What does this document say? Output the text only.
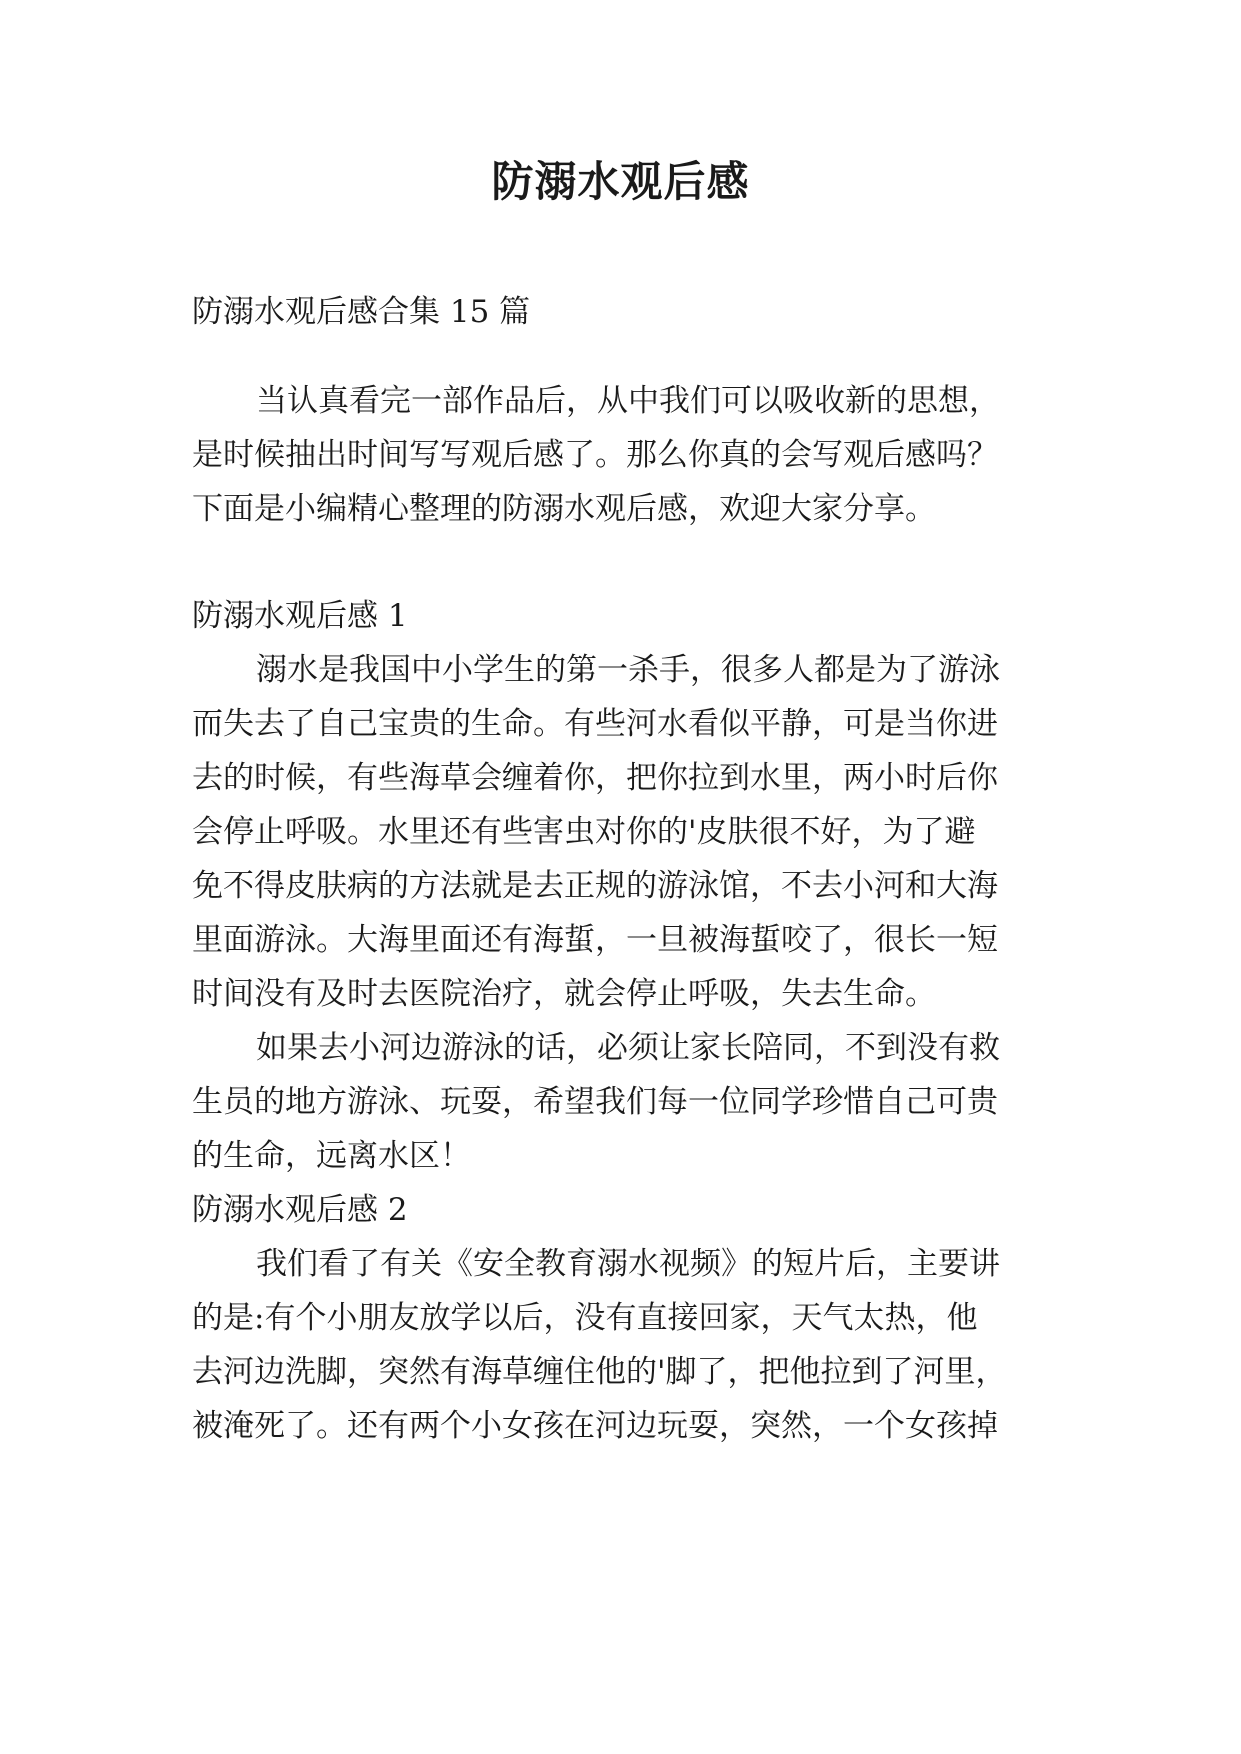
防溺水观后感
防溺水观后感合集 15 篇
当认真看完一部作品后，从中我们可以吸收新的思想，
是时候抽出时间写写观后感了。那么你真的会写观后感吗？
下面是小编精心整理的防溺水观后感，欢迎大家分享。
防溺水观后感 1
溺水是我国中小学生的第一杀手，很多人都是为了游泳
而失去了自己宝贵的生命。有些河水看似平静，可是当你进
去的时候，有些海草会缠着你，把你拉到水里，两小时后你
会停止呼吸。水里还有些害虫对你的'皮肤很不好，为了避
免不得皮肤病的方法就是去正规的游泳馆，不去小河和大海
里面游泳。大海里面还有海蜇，一旦被海蜇咬了，很长一短
时间没有及时去医院治疗，就会停止呼吸，失去生命。
如果去小河边游泳的话，必须让家长陪同，不到没有救
生员的地方游泳、玩耍，希望我们每一位同学珍惜自己可贵
的生命，远离水区！
防溺水观后感 2
我们看了有关《安全教育溺水视频》的短片后，主要讲
的是:有个小朋友放学以后，没有直接回家，天气太热，他
去河边洗脚，突然有海草缠住他的'脚了，把他拉到了河里，
被淹死了。还有两个小女孩在河边玩耍，突然，一个女孩掉
